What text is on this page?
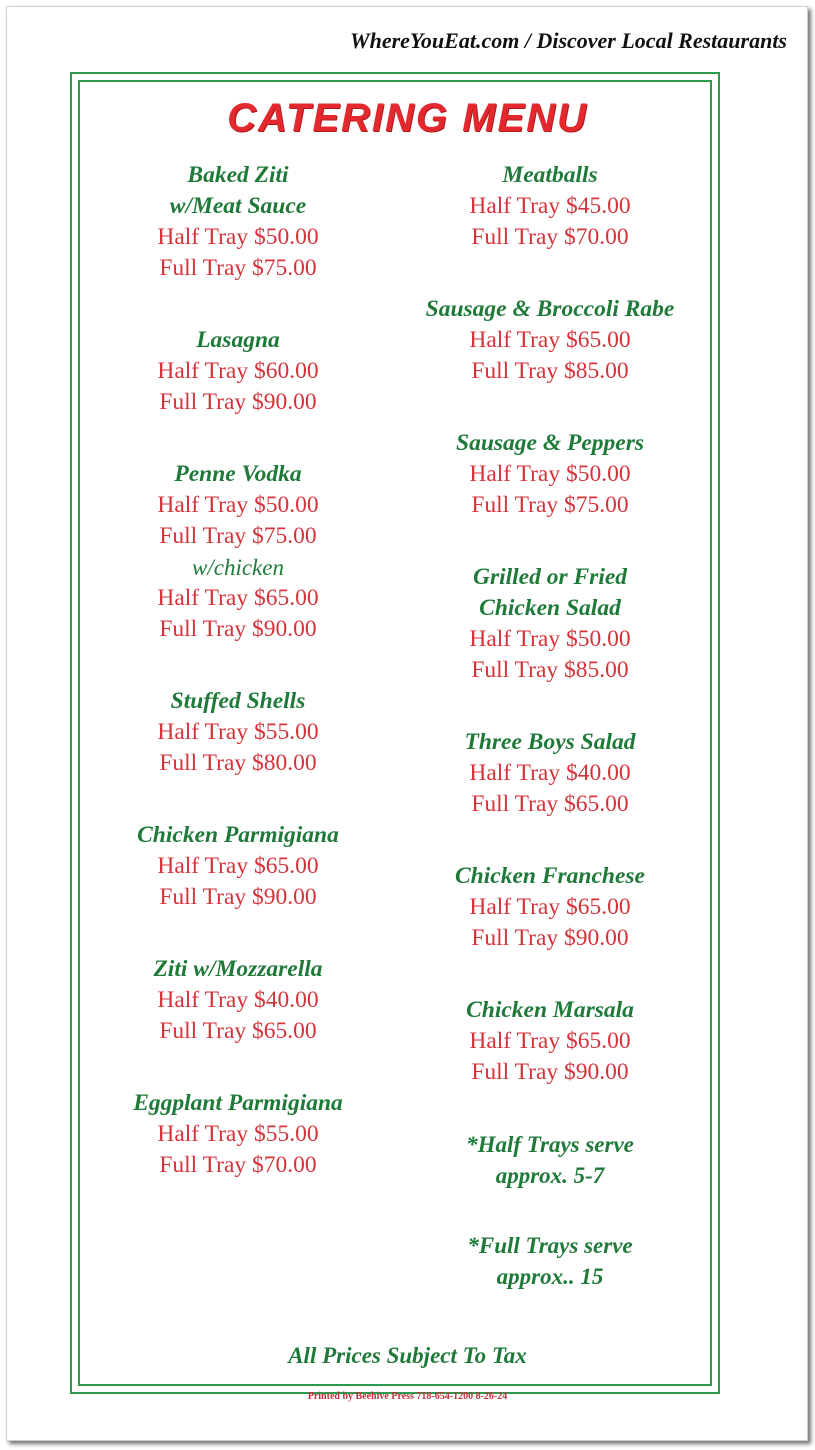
WhereYouEat.com / Discover Local Restaurants
CATERING MENU
Baked Ziti
w/Meat Sauce
Half Tray $50.00
Full Tray $75.00
Lasagna
Half Tray $60.00
Full Tray $90.00
Penne Vodka
Half Tray $50.00
Full Tray $75.00
w/chicken
Half Tray $65.00
Full Tray $90.00
Stuffed Shells
Half Tray $55.00
Full Tray $80.00
Chicken Parmigiana
Half Tray $65.00
Full Tray $90.00
Ziti w/Mozzarella
Half Tray $40.00
Full Tray $65.00
Eggplant Parmigiana
Half Tray $55.00
Full Tray $70.00
Meatballs
Half Tray $45.00
Full Tray $70.00
Sausage & Broccoli Rabe
Half Tray $65.00
Full Tray $85.00
Sausage & Peppers
Half Tray $50.00
Full Tray $75.00
Grilled or Fried
Chicken Salad
Half Tray $50.00
Full Tray $85.00
Three Boys Salad
Half Tray $40.00
Full Tray $65.00
Chicken Franchese
Half Tray $65.00
Full Tray $90.00
Chicken Marsala
Half Tray $65.00
Full Tray $90.00
*Half Trays serve
approx. 5-7
*Full Trays serve
approx.. 15
All Prices Subject To Tax
Printed by Beehive Press 718-654-1200 8-26-24
